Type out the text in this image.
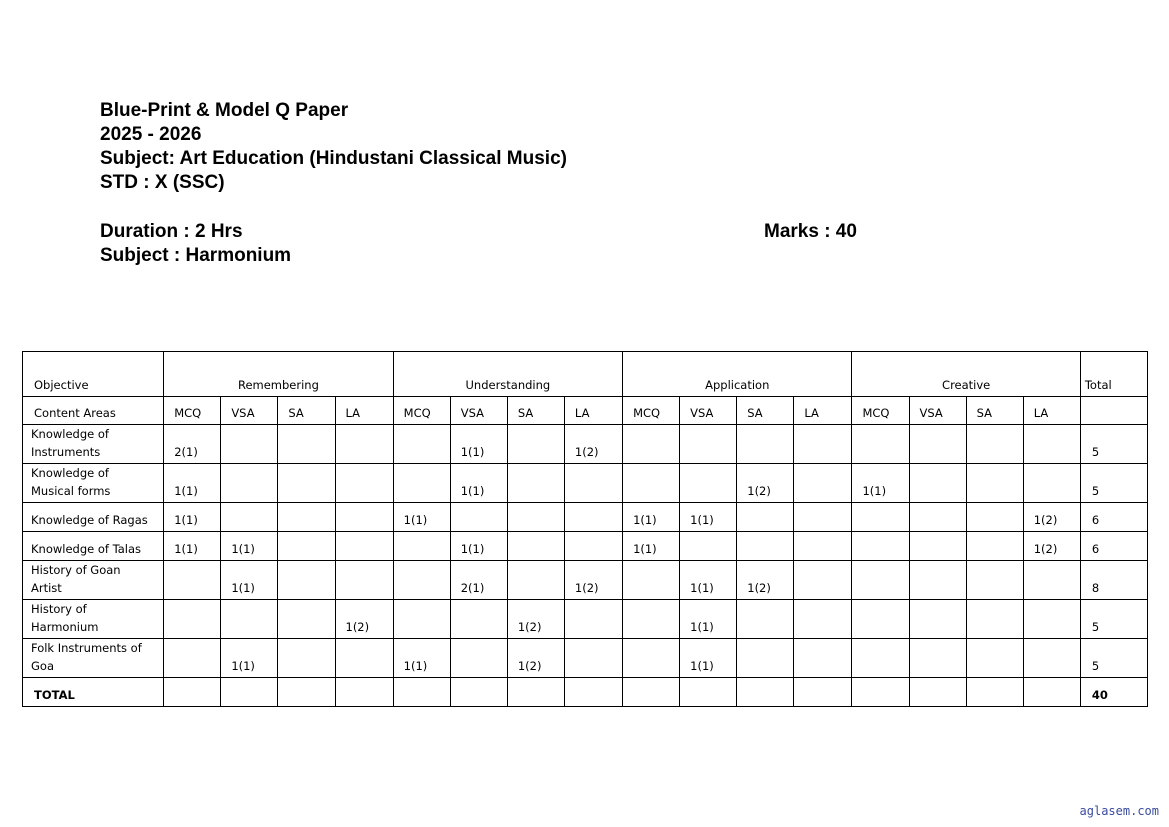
Blue-Print & Model Q Paper
2025 - 2026
Subject: Art Education (Hindustani Classical Music)
STD : X (SSC)
Duration : 2 Hrs	Marks : 40
Subject : Harmonium
Objective	Remembering				Understanding				Application				Creative				Total
Content Areas	MCQ	VSA	SA	LA	MCQ	VSA	SA	LA	MCQ	VSA	SA	LA	MCQ	VSA	SA	LA	

Knowledge of
Instruments	2(1)					1(1)		1(2)									5

Knowledge of
Musical forms	1(1)					1(1)					1(2)		1(1)				5

Knowledge of Ragas	1(1)				1(1)				1(1)	1(1)						1(2)	6

Knowledge of Talas	1(1)	1(1)				1(1)			1(1)							1(2)	6

History of Goan
Artist		1(1)				2(1)		1(2)		1(1)	1(2)						8

History of
Harmonium				1(2)			1(2)			1(1)							5

Folk Instruments of
Goa		1(1)			1(1)		1(2)			1(1)							5
TOTAL																	40
aglasem.com
